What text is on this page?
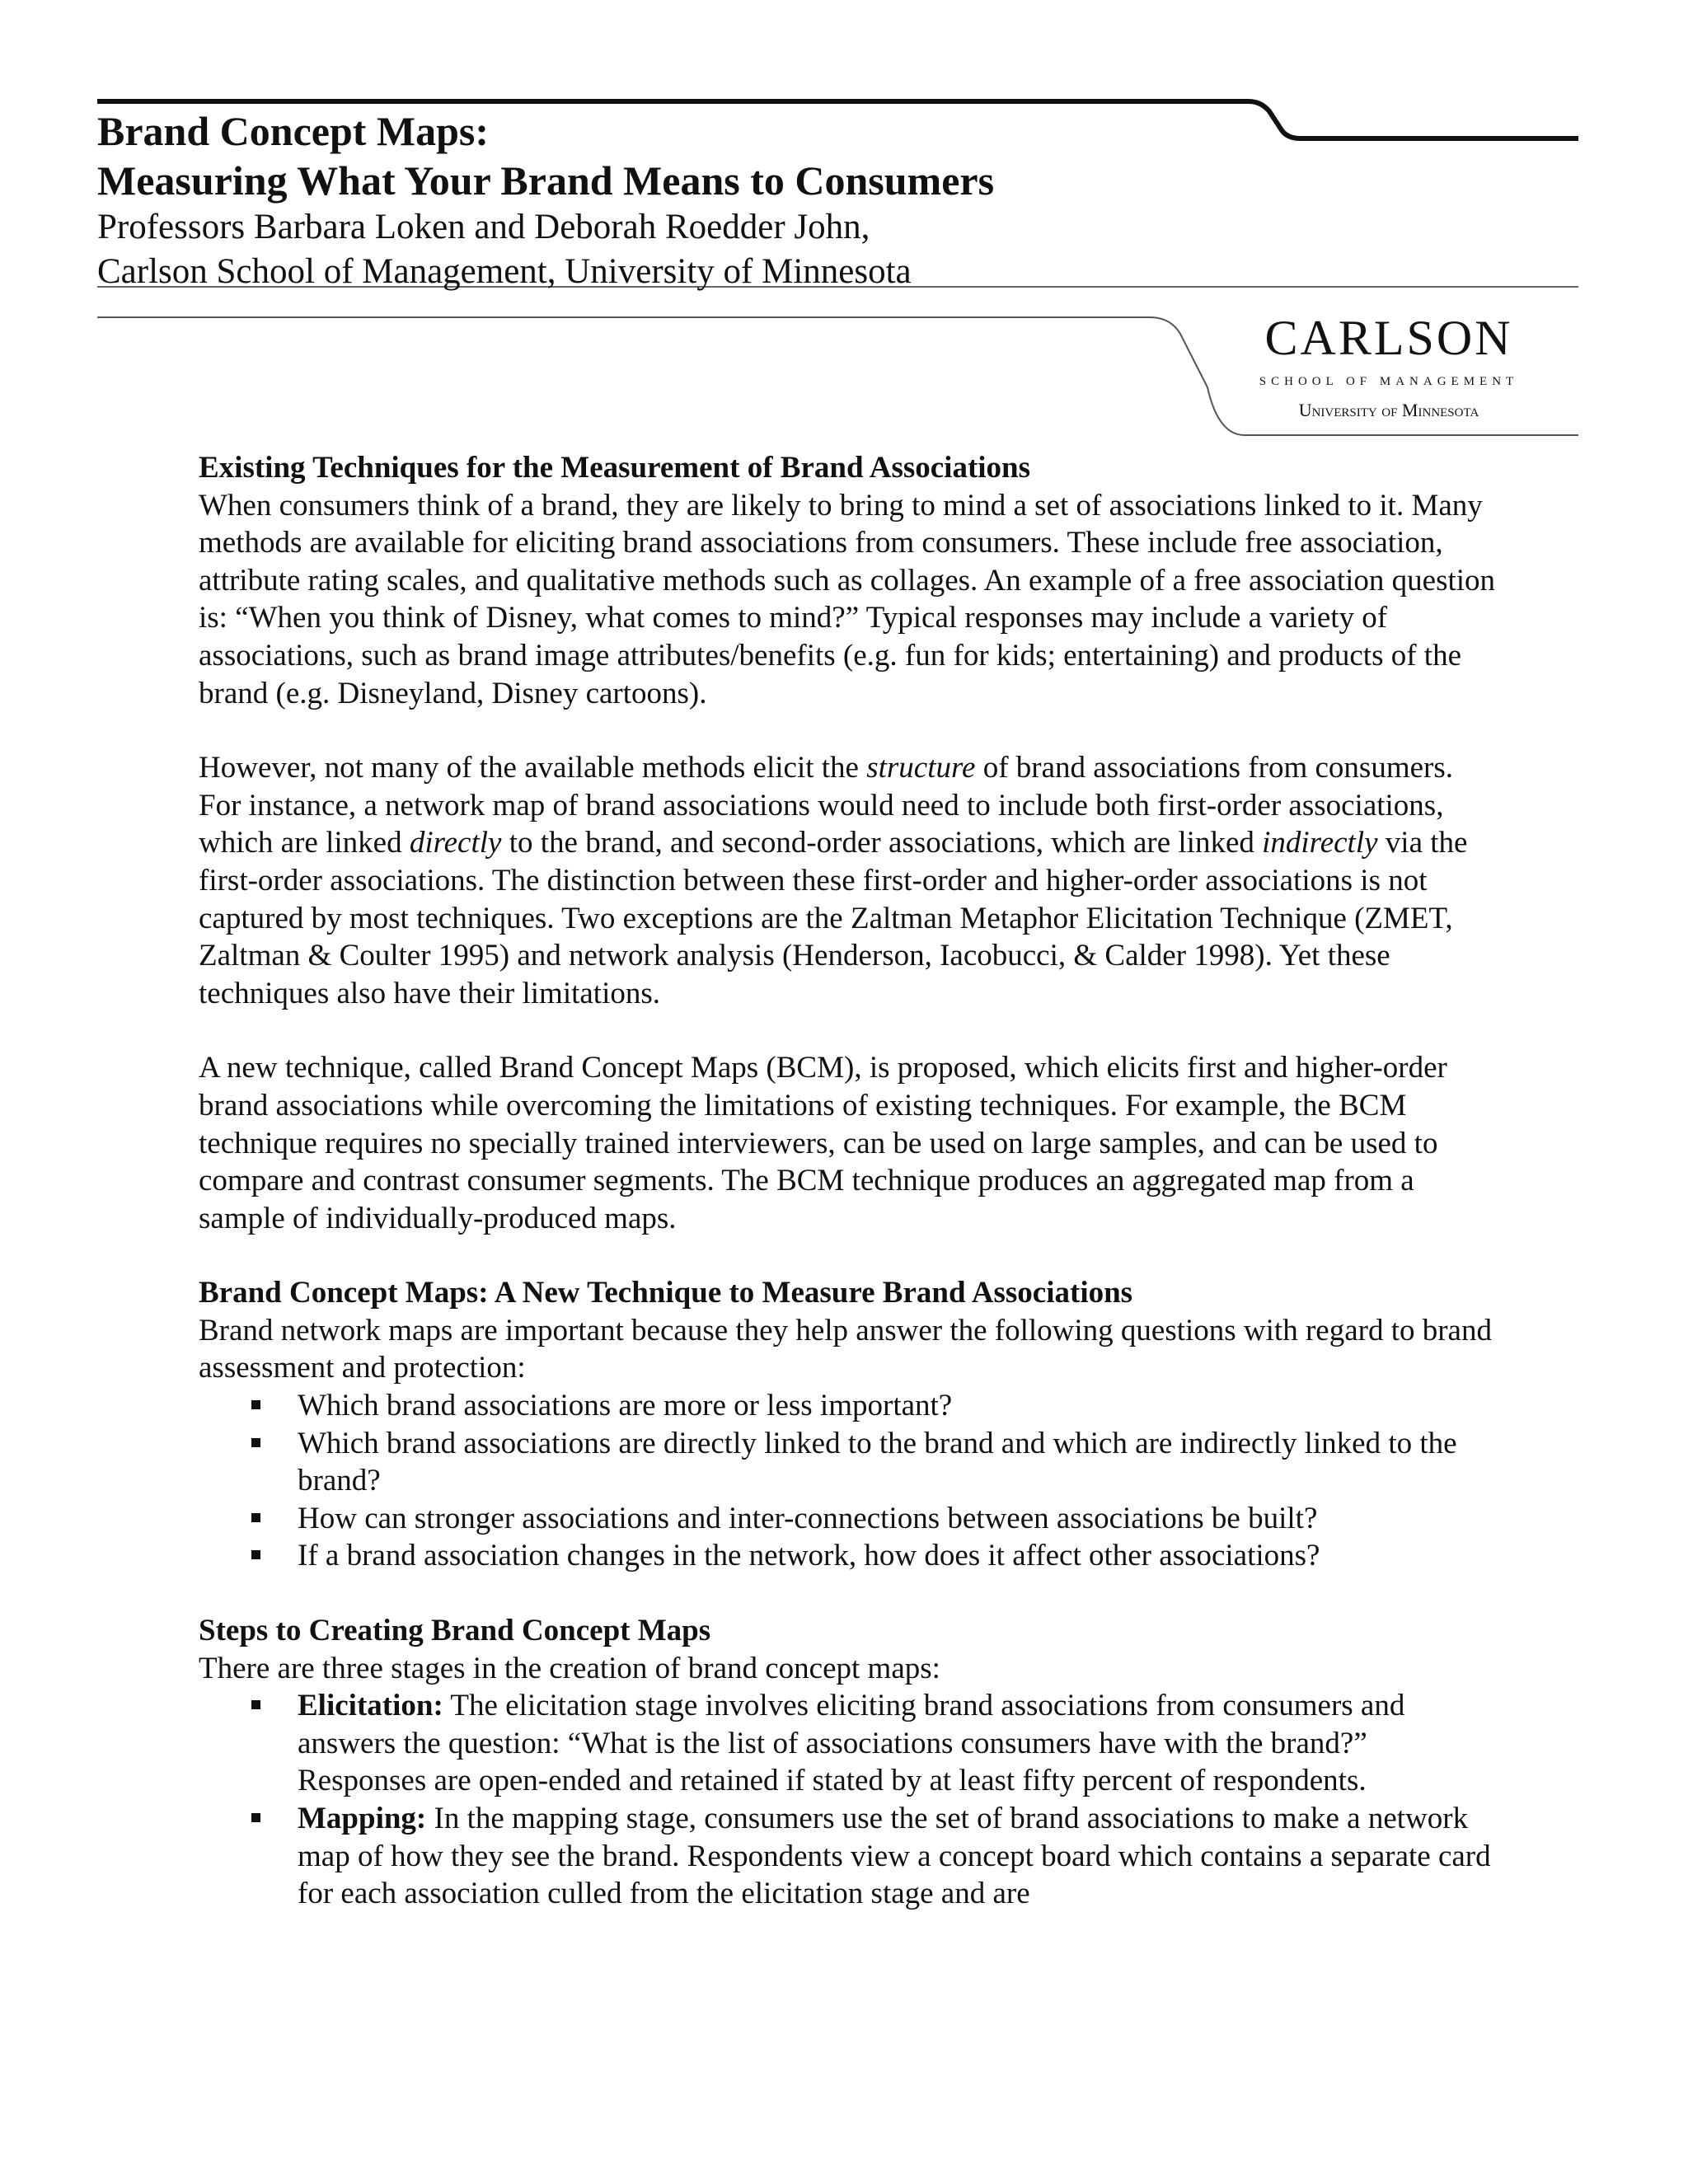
Brand Concept Maps:
Measuring What Your Brand Means to Consumers
Professors Barbara Loken and Deborah Roedder John,
Carlson School of Management, University of Minnesota
CARLSON
SCHOOL OF MANAGEMENT
University of Minnesota

Existing Techniques for the Measurement of Brand Associations

When consumers think of a brand, they are likely to bring to mind a set of associations linked to it. Many methods are available for eliciting brand associations from consumers. These include free association, attribute rating scales, and qualitative methods such as collages. An example of a free association question is: “When you think of Disney, what comes to mind?” Typical responses may include a variety of associations, such as brand image attributes/benefits (e.g. fun for kids; entertaining) and products of the brand (e.g. Disneyland, Disney cartoons).

However, not many of the available methods elicit the structure of brand associations from consumers. For instance, a network map of brand associations would need to include both first-order associations, which are linked directly to the brand, and second-order associations, which are linked indirectly via the first-order associations. The distinction between these first-order and higher-order associations is not captured by most techniques. Two exceptions are the Zaltman Metaphor Elicitation Technique (ZMET, Zaltman & Coulter 1995) and network analysis (Henderson, Iacobucci, & Calder 1998). Yet these techniques also have their limitations.

A new technique, called Brand Concept Maps (BCM), is proposed, which elicits first and higher-order brand associations while overcoming the limitations of existing techniques. For example, the BCM technique requires no specially trained interviewers, can be used on large samples, and can be used to compare and contrast consumer segments. The BCM technique produces an aggregated map from a sample of individually-produced maps.

Brand Concept Maps: A New Technique to Measure Brand Associations

Brand network maps are important because they help answer the following questions with regard to brand assessment and protection:

Which brand associations are more or less important?
Which brand associations are directly linked to the brand and which are indirectly linked to the brand?
How can stronger associations and inter-connections between associations be built?
If a brand association changes in the network, how does it affect other associations?

Steps to Creating Brand Concept Maps

There are three stages in the creation of brand concept maps:

Elicitation: The elicitation stage involves eliciting brand associations from consumers and answers the question: “What is the list of associations consumers have with the brand?” Responses are open-ended and retained if stated by at least fifty percent of respondents.
Mapping: In the mapping stage, consumers use the set of brand associations to make a network map of how they see the brand. Respondents view a concept board which contains a separate card for each association culled from the elicitation stage and are
